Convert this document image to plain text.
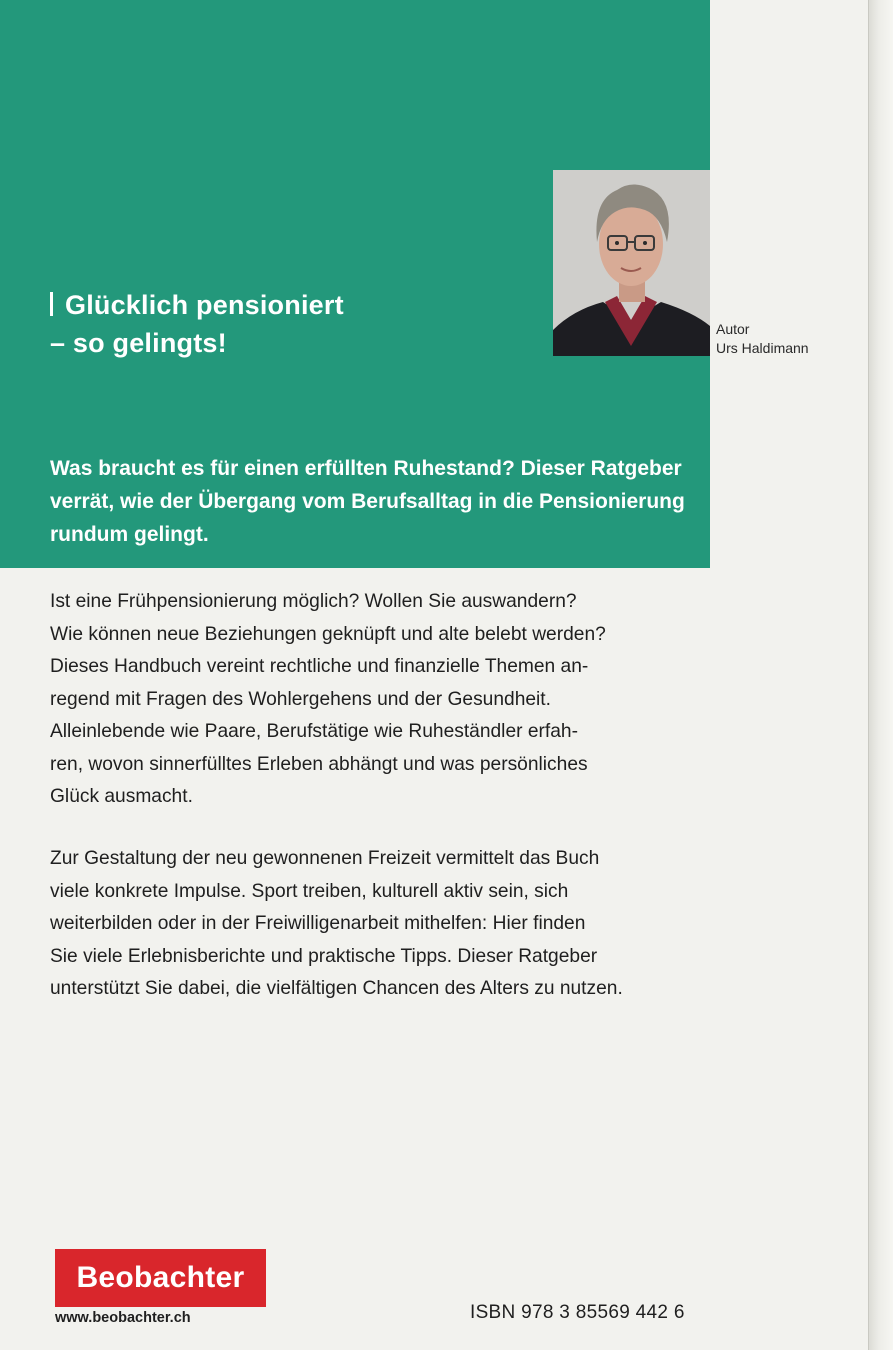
Glücklich pensioniert
– so gelingts!
Was braucht es für einen erfüllten Ruhestand? Dieser Ratgeber verrät, wie der Übergang vom Berufsalltag in die Pensionierung rundum gelingt.
Autor
Urs Haldimann
Ist eine Frühpensionierung möglich? Wollen Sie auswandern?
Wie können neue Beziehungen geknüpft und alte belebt werden?
Dieses Handbuch vereint rechtliche und finanzielle Themen an-
regend mit Fragen des Wohlergehens und der Gesundheit.
Alleinlebende wie Paare, Berufstätige wie Ruheständler erfah-
ren, wovon sinnerfülltes Erleben abhängt und was persönliches
Glück ausmacht.
Zur Gestaltung der neu gewonnenen Freizeit vermittelt das Buch
viele konkrete Impulse. Sport treiben, kulturell aktiv sein, sich
weiterbilden oder in der Freiwilligenarbeit mithelfen: Hier finden
Sie viele Erlebnisberichte und praktische Tipps. Dieser Ratgeber
unterstützt Sie dabei, die vielfältigen Chancen des Alters zu nutzen.
Beobachter
www.beobachter.ch	ISBN 978 3 85569 442 6
